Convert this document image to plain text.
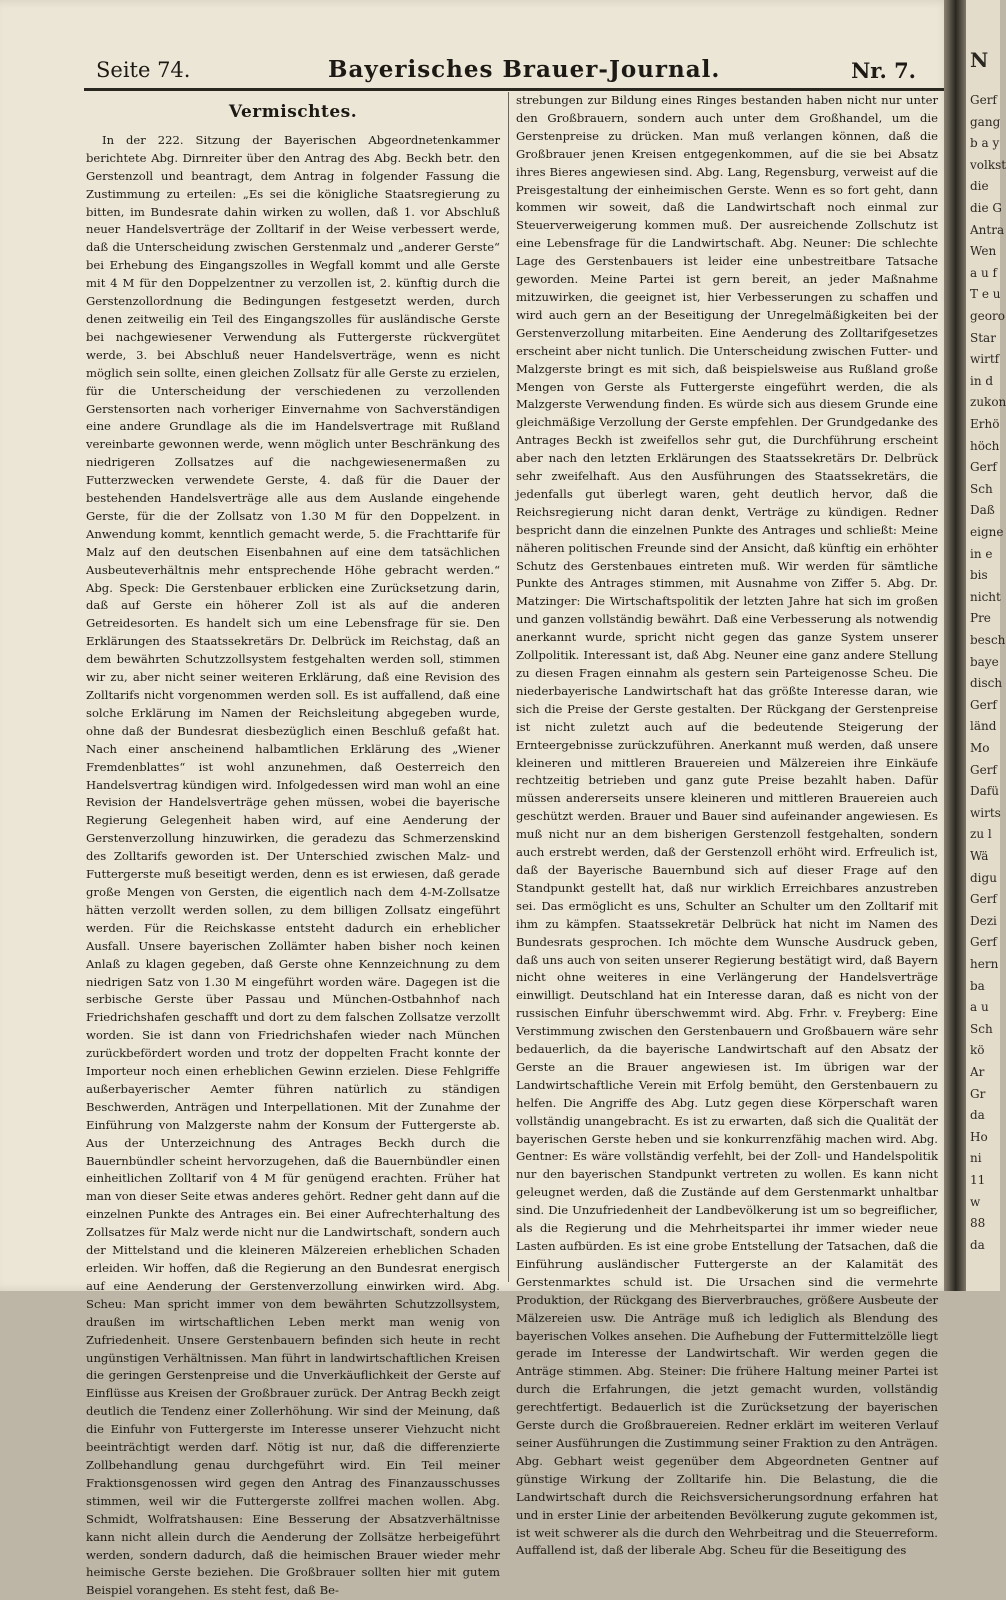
Seite 74.	Bayerisches Brauer-Journal.	Nr. 7.
Vermischtes.

In der 222. Sitzung der Bayerischen Abgeordnetenkammer berichtete Abg. Dirnreiter über den Antrag des Abg. Beckh betr. den Gerstenzoll und beantragt, dem Antrag in folgender Fassung die Zustimmung zu erteilen: „Es sei die königliche Staatsregierung zu bitten, im Bundesrate dahin wirken zu wollen, daß 1. vor Abschluß neuer Handelsverträge der Zolltarif in der Weise verbessert werde, daß die Unterscheidung zwischen Gerstenmalz und „anderer Gerste“ bei Erhebung des Eingangszolles in Wegfall kommt und alle Gerste mit 4 M für den Doppelzentner zu verzollen ist, 2. künftig durch die Gerstenzollordnung die Bedingungen festgesetzt werden, durch denen zeitweilig ein Teil des Eingangszolles für ausländische Gerste bei nachgewiesener Verwendung als Futtergerste rückvergütet werde, 3. bei Abschluß neuer Handelsverträge, wenn es nicht möglich sein sollte, einen gleichen Zollsatz für alle Gerste zu erzielen, für die Unterscheidung der verschiedenen zu verzollenden Gerstensorten nach vorheriger Einvernahme von Sachverständigen eine andere Grundlage als die im Handelsvertrage mit Rußland vereinbarte gewonnen werde, wenn möglich unter Beschränkung des niedrigeren Zollsatzes auf die nachgewiesenermaßen zu Futterzwecken verwendete Gerste, 4. daß für die Dauer der bestehenden Handelsverträge alle aus dem Auslande eingehende Gerste, für die der Zollsatz von 1.30 M für den Doppelzent. in Anwendung kommt, kenntlich gemacht werde, 5. die Frachttarife für Malz auf den deutschen Eisenbahnen auf eine dem tatsächlichen Ausbeuteverhältnis mehr entsprechende Höhe gebracht werden.“ Abg. Speck: Die Gerstenbauer erblicken eine Zurücksetzung darin, daß auf Gerste ein höherer Zoll ist als auf die anderen Getreidesorten. Es handelt sich um eine Lebensfrage für sie. Den Erklärungen des Staatssekretärs Dr. Delbrück im Reichstag, daß an dem bewährten Schutzzollsystem festgehalten werden soll, stimmen wir zu, aber nicht seiner weiteren Erklärung, daß eine Revision des Zolltarifs nicht vorgenommen werden soll. Es ist auffallend, daß eine solche Erklärung im Namen der Reichsleitung abgegeben wurde, ohne daß der Bundesrat diesbezüglich einen Beschluß gefaßt hat. Nach einer anscheinend halbamtlichen Erklärung des „Wiener Fremdenblattes“ ist wohl anzunehmen, daß Oesterreich den Handelsvertrag kündigen wird. Infolgedessen wird man wohl an eine Revision der Handelsverträge gehen müssen, wobei die bayerische Regierung Gelegenheit haben wird, auf eine Aenderung der Gerstenverzollung hinzuwirken, die geradezu das Schmerzenskind des Zolltarifs geworden ist. Der Unterschied zwischen Malz- und Futtergerste muß beseitigt werden, denn es ist erwiesen, daß gerade große Mengen von Gersten, die eigentlich nach dem 4-M-Zollsatze hätten verzollt werden sollen, zu dem billigen Zollsatz eingeführt werden. Für die Reichskasse entsteht dadurch ein erheblicher Ausfall. Unsere bayerischen Zollämter haben bisher noch keinen Anlaß zu klagen gegeben, daß Gerste ohne Kennzeichnung zu dem niedrigen Satz von 1.30 M eingeführt worden wäre. Dagegen ist die serbische Gerste über Passau und München-Ostbahnhof nach Friedrichshafen geschafft und dort zu dem falschen Zollsatze verzollt worden. Sie ist dann von Friedrichshafen wieder nach München zurückbefördert worden und trotz der doppelten Fracht konnte der Importeur noch einen erheblichen Gewinn erzielen. Diese Fehlgriffe außerbayerischer Aemter führen natürlich zu ständigen Beschwerden, Anträgen und Interpellationen. Mit der Zunahme der Einführung von Malzgerste nahm der Konsum der Futtergerste ab. Aus der Unterzeichnung des Antrages Beckh durch die Bauernbündler scheint hervorzugehen, daß die Bauernbündler einen einheitlichen Zolltarif von 4 M für genügend erachten. Früher hat man von dieser Seite etwas anderes gehört. Redner geht dann auf die einzelnen Punkte des Antrages ein. Bei einer Aufrechterhaltung des Zollsatzes für Malz werde nicht nur die Landwirtschaft, sondern auch der Mittelstand und die kleineren Mälzereien erheblichen Schaden erleiden. Wir hoffen, daß die Regierung an den Bundesrat energisch auf eine Aenderung der Gerstenverzollung einwirken wird. Abg. Scheu: Man spricht immer von dem bewährten Schutzzollsystem, draußen im wirtschaftlichen Leben merkt man wenig von Zufriedenheit. Unsere Gerstenbauern befinden sich heute in recht ungünstigen Verhältnissen. Man führt in landwirtschaftlichen Kreisen die geringen Gerstenpreise und die Unverkäuflichkeit der Gerste auf Einflüsse aus Kreisen der Großbrauer zurück. Der Antrag Beckh zeigt deutlich die Tendenz einer Zollerhöhung. Wir sind der Meinung, daß die Einfuhr von Futtergerste im Interesse unserer Viehzucht nicht beeinträchtigt werden darf. Nötig ist nur, daß die differenzierte Zollbehandlung genau durchgeführt wird. Ein Teil meiner Fraktionsgenossen wird gegen den Antrag des Finanzausschusses stimmen, weil wir die Futtergerste zollfrei machen wollen. Abg. Schmidt, Wolfratshausen: Eine Besserung der Absatzverhältnisse kann nicht allein durch die Aenderung der Zollsätze herbeigeführt werden, sondern dadurch, daß die heimischen Brauer wieder mehr heimische Gerste beziehen. Die Großbrauer sollten hier mit gutem Beispiel vorangehen. Es steht fest, daß Be-

strebungen zur Bildung eines Ringes bestanden haben nicht nur unter den Großbrauern, sondern auch unter dem Großhandel, um die Gerstenpreise zu drücken. Man muß verlangen können, daß die Großbrauer jenen Kreisen entgegenkommen, auf die sie bei Absatz ihres Bieres angewiesen sind. Abg. Lang, Regensburg, verweist auf die Preisgestaltung der einheimischen Gerste. Wenn es so fort geht, dann kommen wir soweit, daß die Landwirtschaft noch einmal zur Steuerverweigerung kommen muß. Der ausreichende Zollschutz ist eine Lebensfrage für die Landwirtschaft. Abg. Neuner: Die schlechte Lage des Gerstenbauers ist leider eine unbestreitbare Tatsache geworden. Meine Partei ist gern bereit, an jeder Maßnahme mitzuwirken, die geeignet ist, hier Verbesserungen zu schaffen und wird auch gern an der Beseitigung der Unregelmäßigkeiten bei der Gerstenverzollung mitarbeiten. Eine Aenderung des Zolltarifgesetzes erscheint aber nicht tunlich. Die Unterscheidung zwischen Futter- und Malzgerste bringt es mit sich, daß beispielsweise aus Rußland große Mengen von Gerste als Futtergerste eingeführt werden, die als Malzgerste Verwendung finden. Es würde sich aus diesem Grunde eine gleichmäßige Verzollung der Gerste empfehlen. Der Grundgedanke des Antrages Beckh ist zweifellos sehr gut, die Durchführung erscheint aber nach den letzten Erklärungen des Staatssekretärs Dr. Delbrück sehr zweifelhaft. Aus den Ausführungen des Staatssekretärs, die jedenfalls gut überlegt waren, geht deutlich hervor, daß die Reichsregierung nicht daran denkt, Verträge zu kündigen. Redner bespricht dann die einzelnen Punkte des Antrages und schließt: Meine näheren politischen Freunde sind der Ansicht, daß künftig ein erhöhter Schutz des Gerstenbaues eintreten muß. Wir werden für sämtliche Punkte des Antrages stimmen, mit Ausnahme von Ziffer 5. Abg. Dr. Matzinger: Die Wirtschaftspolitik der letzten Jahre hat sich im großen und ganzen vollständig bewährt. Daß eine Verbesserung als notwendig anerkannt wurde, spricht nicht gegen das ganze System unserer Zollpolitik. Interessant ist, daß Abg. Neuner eine ganz andere Stellung zu diesen Fragen einnahm als gestern sein Parteigenosse Scheu. Die niederbayerische Landwirtschaft hat das größte Interesse daran, wie sich die Preise der Gerste gestalten. Der Rückgang der Gerstenpreise ist nicht zuletzt auch auf die bedeutende Steigerung der Ernteergebnisse zurückzuführen. Anerkannt muß werden, daß unsere kleineren und mittleren Brauereien und Mälzereien ihre Einkäufe rechtzeitig betrieben und ganz gute Preise bezahlt haben. Dafür müssen andererseits unsere kleineren und mittleren Brauereien auch geschützt werden. Brauer und Bauer sind aufeinander angewiesen. Es muß nicht nur an dem bisherigen Gerstenzoll festgehalten, sondern auch erstrebt werden, daß der Gerstenzoll erhöht wird. Erfreulich ist, daß der Bayerische Bauernbund sich auf dieser Frage auf den Standpunkt gestellt hat, daß nur wirklich Erreichbares anzustreben sei. Das ermöglicht es uns, Schulter an Schulter um den Zolltarif mit ihm zu kämpfen. Staatssekretär Delbrück hat nicht im Namen des Bundesrats gesprochen. Ich möchte dem Wunsche Ausdruck geben, daß uns auch von seiten unserer Regierung bestätigt wird, daß Bayern nicht ohne weiteres in eine Verlängerung der Handelsverträge einwilligt. Deutschland hat ein Interesse daran, daß es nicht von der russischen Einfuhr überschwemmt wird. Abg. Frhr. v. Freyberg: Eine Verstimmung zwischen den Gerstenbauern und Großbauern wäre sehr bedauerlich, da die bayerische Landwirtschaft auf den Absatz der Gerste an die Brauer angewiesen ist. Im übrigen war der Landwirtschaftliche Verein mit Erfolg bemüht, den Gerstenbauern zu helfen. Die Angriffe des Abg. Lutz gegen diese Körperschaft waren vollständig unangebracht. Es ist zu erwarten, daß sich die Qualität der bayerischen Gerste heben und sie konkurrenzfähig machen wird. Abg. Gentner: Es wäre vollständig verfehlt, bei der Zoll- und Handelspolitik nur den bayerischen Standpunkt vertreten zu wollen. Es kann nicht geleugnet werden, daß die Zustände auf dem Gerstenmarkt unhaltbar sind. Die Unzufriedenheit der Landbevölkerung ist um so begreiflicher, als die Regierung und die Mehrheitspartei ihr immer wieder neue Lasten aufbürden. Es ist eine grobe Entstellung der Tatsachen, daß die Einführung ausländischer Futtergerste an der Kalamität des Gerstenmarktes schuld ist. Die Ursachen sind die vermehrte Produktion, der Rückgang des Bierverbrauches, größere Ausbeute der Mälzereien usw. Die Anträge muß ich lediglich als Blendung des bayerischen Volkes ansehen. Die Aufhebung der Futtermittelzölle liegt gerade im Interesse der Landwirtschaft. Wir werden gegen die Anträge stimmen. Abg. Steiner: Die frühere Haltung meiner Partei ist durch die Erfahrungen, die jetzt gemacht wurden, vollständig gerechtfertigt. Bedauerlich ist die Zurücksetzung der bayerischen Gerste durch die Großbrauereien. Redner erklärt im weiteren Verlauf seiner Ausführungen die Zustimmung seiner Fraktion zu den Anträgen. Abg. Gebhart weist gegenüber dem Abgeordneten Gentner auf günstige Wirkung der Zolltarife hin. Die Belastung, die die Landwirtschaft durch die Reichsversicherungsordnung erfahren hat und in erster Linie der arbeitenden Bevölkerung zugute gekommen ist, ist weit schwerer als die durch den Wehrbeitrag und die Steuerreform. Auffallend ist, daß der liberale Abg. Scheu für die Beseitigung des

N
Gerf
gang
b a y
volkst
die
die G
Antra
Wen
a u f
T e u
georo
Star
wirtf
in d
zukon
Erhö
höch
Gerf
Sch
Daß
eigne
in e
bis
nicht
Pre
besch
baye
disch
Gerf
länd
Mo
Gerf
Dafü
wirts
zu l
Wä
digu
Gerf
Dezi
Gerf
hern
ba
a u
Sch
kö
Ar
Gr
da
Ho
ni
11
w
88
da
